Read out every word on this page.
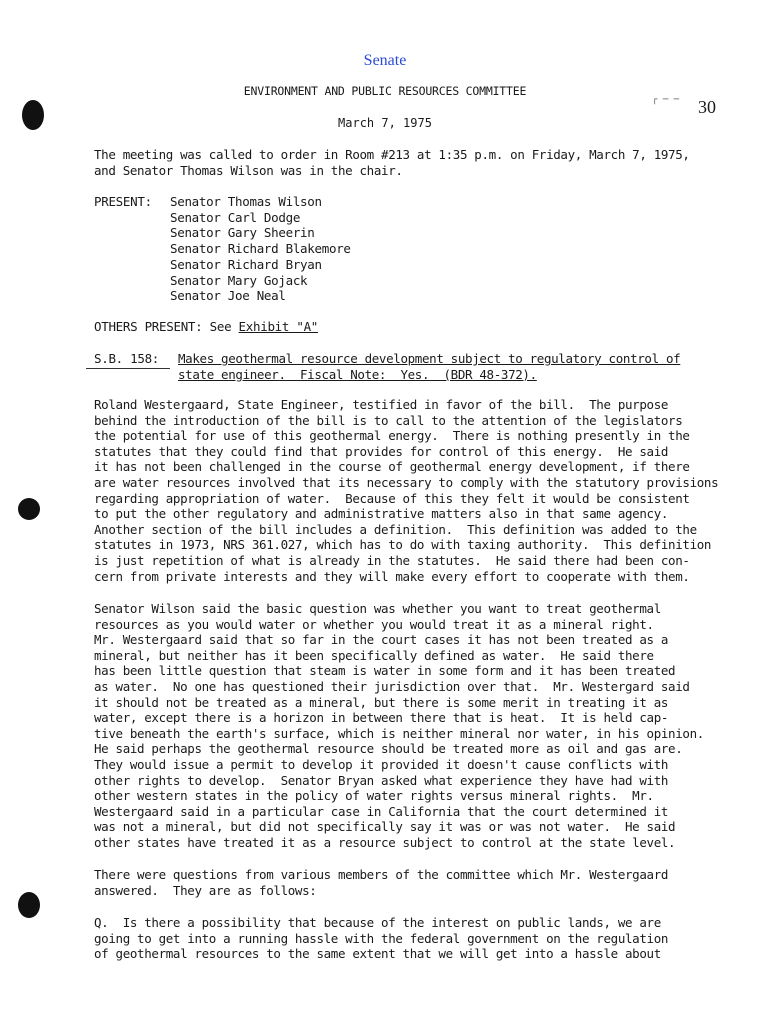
Senate
ENVIRONMENT AND PUBLIC RESOURCES COMMITTEE
March 7, 1975
┌ ─ ─ 30
The meeting was called to order in Room #213 at 1:35 p.m. on Friday, March 7, 1975,
and Senator Thomas Wilson was in the chair.
PRESENT: Senator Thomas Wilson
Senator Carl Dodge
Senator Gary Sheerin
Senator Richard Blakemore
Senator Richard Bryan
Senator Mary Gojack
Senator Joe Neal
OTHERS PRESENT: See Exhibit "A"
S.B. 158: Makes geothermal resource development subject to regulatory control of
state engineer.  Fiscal Note:  Yes.  (BDR 48-372).
Roland Westergaard, State Engineer, testified in favor of the bill.  The purpose
behind the introduction of the bill is to call to the attention of the legislators
the potential for use of this geothermal energy.  There is nothing presently in the
statutes that they could find that provides for control of this energy.  He said
it has not been challenged in the course of geothermal energy development, if there
are water resources involved that its necessary to comply with the statutory provisions
regarding appropriation of water.  Because of this they felt it would be consistent
to put the other regulatory and administrative matters also in that same agency.
Another section of the bill includes a definition.  This definition was added to the
statutes in 1973, NRS 361.027, which has to do with taxing authority.  This definition
is just repetition of what is already in the statutes.  He said there had been con-
cern from private interests and they will make every effort to cooperate with them.
Senator Wilson said the basic question was whether you want to treat geothermal
resources as you would water or whether you would treat it as a mineral right.
Mr. Westergaard said that so far in the court cases it has not been treated as a
mineral, but neither has it been specifically defined as water.  He said there
has been little question that steam is water in some form and it has been treated
as water.  No one has questioned their jurisdiction over that.  Mr. Westergard said
it should not be treated as a mineral, but there is some merit in treating it as
water, except there is a horizon in between there that is heat.  It is held cap-
tive beneath the earth's surface, which is neither mineral nor water, in his opinion.
He said perhaps the geothermal resource should be treated more as oil and gas are.
They would issue a permit to develop it provided it doesn't cause conflicts with
other rights to develop.  Senator Bryan asked what experience they have had with
other western states in the policy of water rights versus mineral rights.  Mr.
Westergaard said in a particular case in California that the court determined it
was not a mineral, but did not specifically say it was or was not water.  He said
other states have treated it as a resource subject to control at the state level.
There were questions from various members of the committee which Mr. Westergaard
answered.  They are as follows:
Q.  Is there a possibility that because of the interest on public lands, we are
going to get into a running hassle with the federal government on the regulation
of geothermal resources to the same extent that we will get into a hassle about
